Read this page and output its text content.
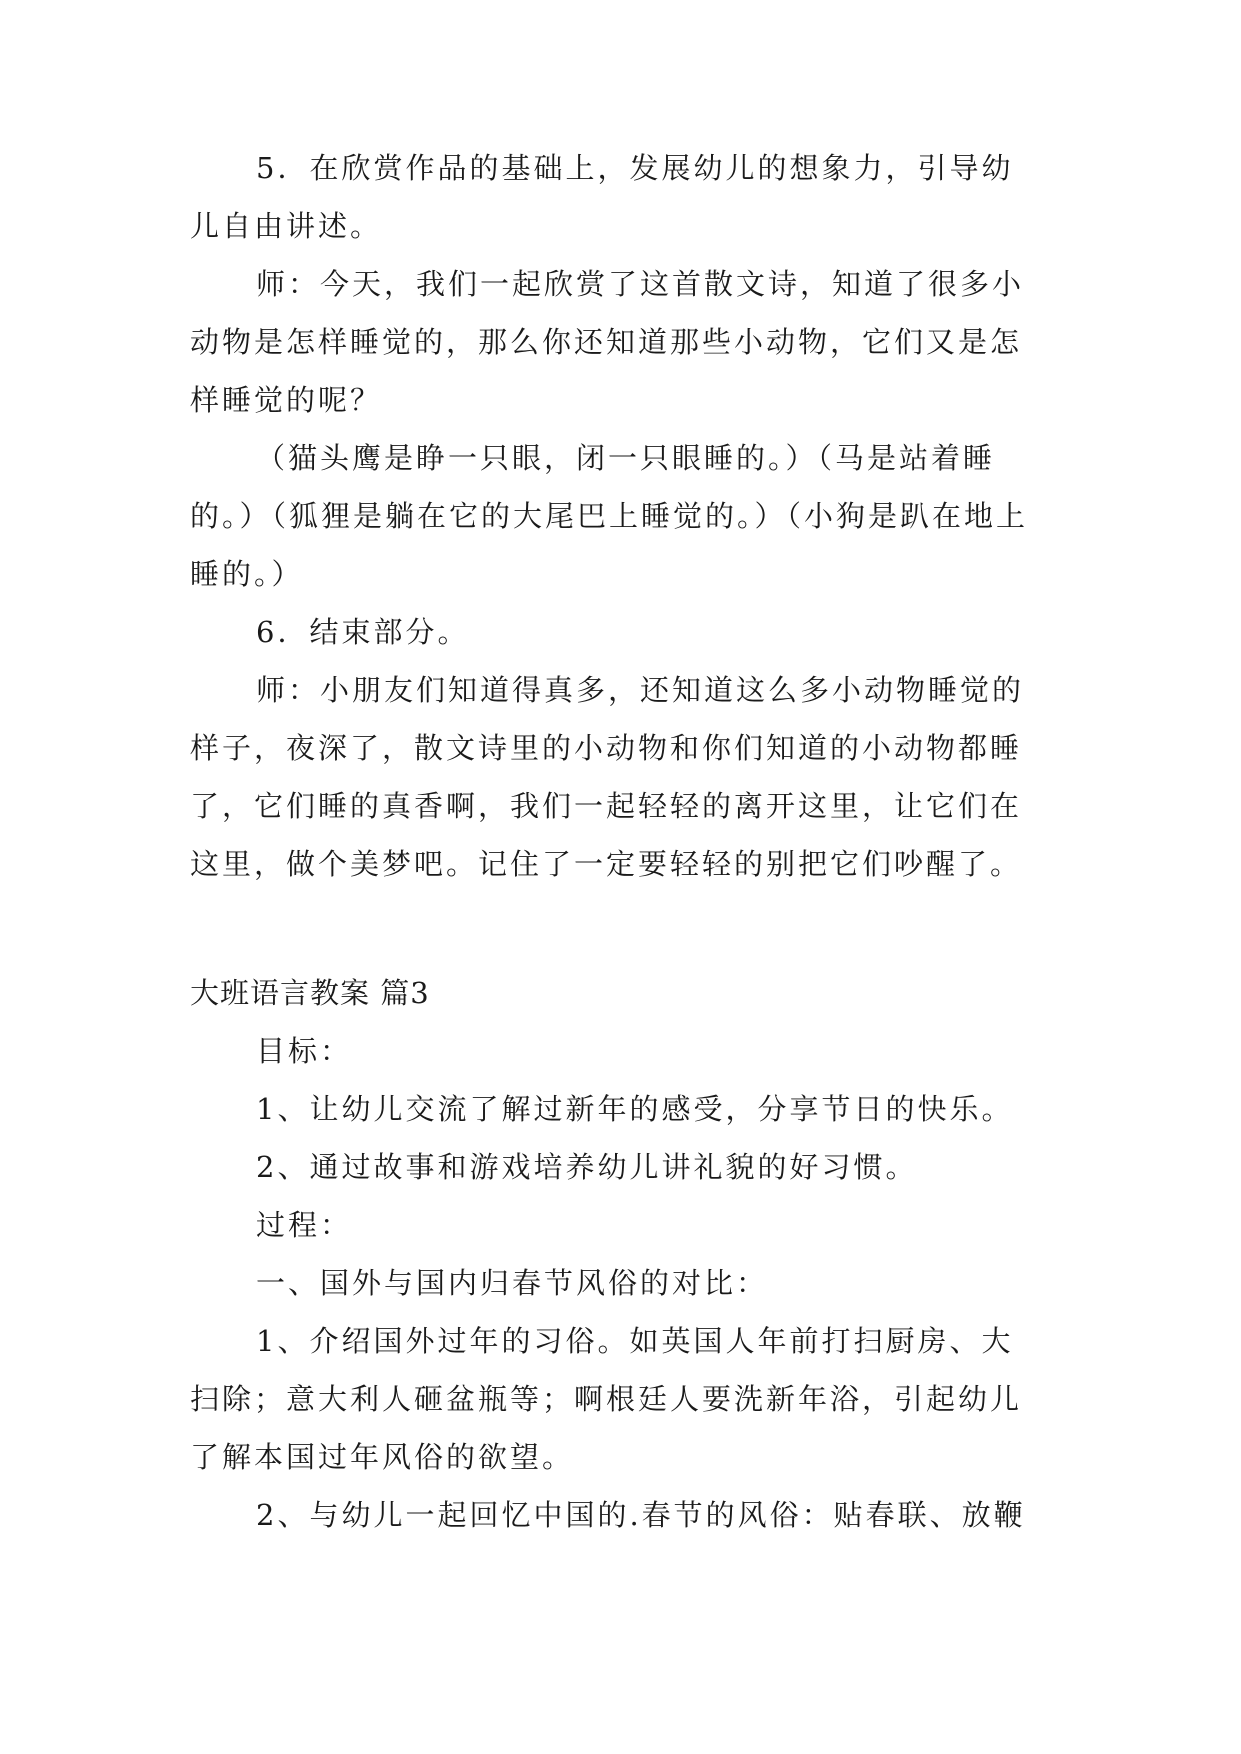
5．在欣赏作品的基础上，发展幼儿的想象力，引导幼
儿自由讲述。
师：今天，我们一起欣赏了这首散文诗，知道了很多小
动物是怎样睡觉的，那么你还知道那些小动物，它们又是怎
样睡觉的呢？
（猫头鹰是睁一只眼，闭一只眼睡的。）（马是站着睡
的。）（狐狸是躺在它的大尾巴上睡觉的。）（小狗是趴在地上
睡的。）
6．结束部分。
师：小朋友们知道得真多，还知道这么多小动物睡觉的
样子，夜深了，散文诗里的小动物和你们知道的小动物都睡
了，它们睡的真香啊，我们一起轻轻的离开这里，让它们在
这里，做个美梦吧。记住了一定要轻轻的别把它们吵醒了。
大班语言教案 篇3
目标：
1、让幼儿交流了解过新年的感受，分享节日的快乐。
2、通过故事和游戏培养幼儿讲礼貌的好习惯。
过程：
一、国外与国内归春节风俗的对比：
1、介绍国外过年的习俗。如英国人年前打扫厨房、大
扫除；意大利人砸盆瓶等；啊根廷人要洗新年浴，引起幼儿
了解本国过年风俗的欲望。
2、与幼儿一起回忆中国的.春节的风俗：贴春联、放鞭
